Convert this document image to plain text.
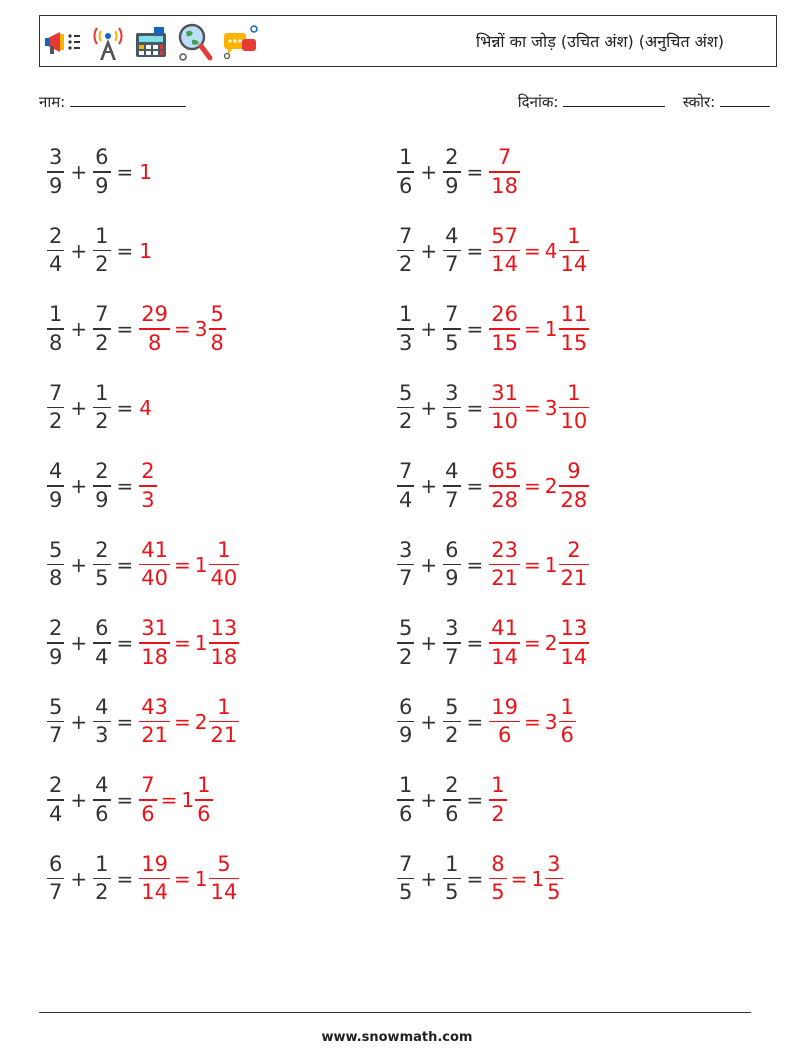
भिन्नों का जोड़ (उचित अंश) (अनुचित अंश)
नाम:	दिनांक:	स्कोर:
$\frac{3}{9} + \frac{6}{9} = 1$	$\frac{1}{6} + \frac{2}{9} = \frac{7}{18}$
$\frac{2}{4} + \frac{1}{2} = 1$	$\frac{7}{2} + \frac{4}{7} = \frac{57}{14} = 4 \frac{1}{14}$
$\frac{1}{8} + \frac{7}{2} = \frac{29}{8} = 3 \frac{5}{8}$	$\frac{1}{3} + \frac{7}{5} = \frac{26}{15} = 1 \frac{11}{15}$
$\frac{7}{2} + \frac{1}{2} = 4$	$\frac{5}{2} + \frac{3}{5} = \frac{31}{10} = 3 \frac{1}{10}$
$\frac{4}{9} + \frac{2}{9} = \frac{2}{3}$	$\frac{7}{4} + \frac{4}{7} = \frac{65}{28} = 2 \frac{9}{28}$
$\frac{5}{8} + \frac{2}{5} = \frac{41}{40} = 1 \frac{1}{40}$	$\frac{3}{7} + \frac{6}{9} = \frac{23}{21} = 1 \frac{2}{21}$
$\frac{2}{9} + \frac{6}{4} = \frac{31}{18} = 1 \frac{13}{18}$	$\frac{5}{2} + \frac{3}{7} = \frac{41}{14} = 2 \frac{13}{14}$
$\frac{5}{7} + \frac{4}{3} = \frac{43}{21} = 2 \frac{1}{21}$	$\frac{6}{9} + \frac{5}{2} = \frac{19}{6} = 3 \frac{1}{6}$
$\frac{2}{4} + \frac{4}{6} = \frac{7}{6} = 1 \frac{1}{6}$	$\frac{1}{6} + \frac{2}{6} = \frac{1}{2}$
$\frac{6}{7} + \frac{1}{2} = \frac{19}{14} = 1 \frac{5}{14}$	$\frac{7}{5} + \frac{1}{5} = \frac{8}{5} = 1 \frac{3}{5}$
www.snowmath.com
